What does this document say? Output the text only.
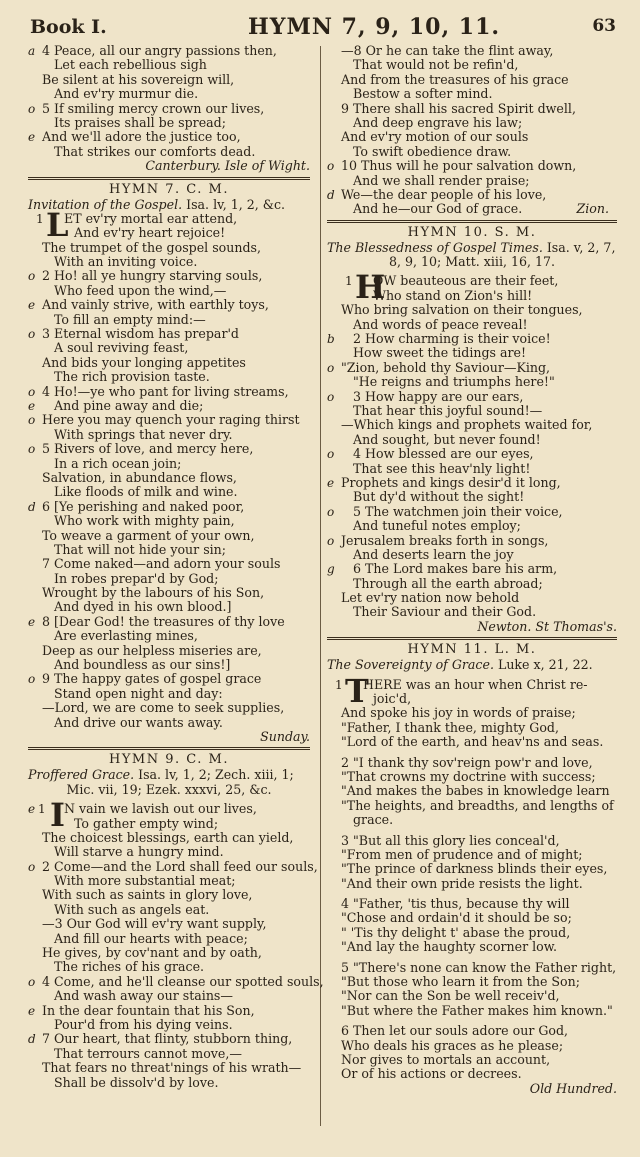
Book I.	HYMN 7, 9, 10, 11.	63
a 4 Peace, all our angry passions then,
Let each rebellious sigh
Be silent at his sovereign will,
And ev'ry murmur die.
o 5 If smiling mercy crown our lives,
Its praises shall be spread;
e And we'll adore the justice too,
That strikes our comforts dead.
Canterbury. Isle of Wight.
HYMN 7. C. M.
Invitation of the Gospel. Isa. lv, 1, 2, &c.
1 L
ET ev'ry mortal ear attend,
And ev'ry heart rejoice!
The trumpet of the gospel sounds,
With an inviting voice.
o 2 Ho! all ye hungry starving souls,
Who feed upon the wind,—
e And vainly strive, with earthly toys,
To fill an empty mind:—
o 3 Eternal wisdom has prepar'd
A soul reviving feast,
And bids your longing appetites
The rich provision taste.
o 4 Ho!—ye who pant for living streams,
e	And pine away and die;
o Here you may quench your raging thirst
With springs that never dry.
o 5 Rivers of love, and mercy here,
In a rich ocean join;
Salvation, in abundance flows,
Like floods of milk and wine.
d 6 [Ye perishing and naked poor,
Who work with mighty pain,
To weave a garment of your own,
That will not hide your sin;
7 Come naked—and adorn your souls
In robes prepar'd by God;
Wrought by the labours of his Son,
And dyed in his own blood.]
e 8 [Dear God! the treasures of thy love
Are everlasting mines,
Deep as our helpless miseries are,
And boundless as our sins!]
o 9 The happy gates of gospel grace
Stand open night and day:
—Lord, we are come to seek supplies,
And drive our wants away.
Sunday.
HYMN 9. C. M.
Proffered Grace. Isa. lv, 1, 2; Zech. xiii, 1;
Mic. vii, 19; Ezek. xxxvi, 25, &c.
e 1 I N vain we lavish out our lives,
To gather empty wind;
The choicest blessings, earth can yield,
Will starve a hungry mind.
o 2 Come—and the Lord shall feed our souls,
With more substantial meat;
With such as saints in glory love,
With such as angels eat.
—3 Our God will ev'ry want supply,
And fill our hearts with peace;
He gives, by cov'nant and by oath,
The riches of his grace.
o 4 Come, and he'll cleanse our spotted souls,
And wash away our stains—
e In the dear fountain that his Son,
Pour'd from his dying veins.
d 7 Our heart, that flinty, stubborn thing,
That terrours cannot move,—
That fears no threat'nings of his wrath—
Shall be dissolv'd by love.
—8 Or he can take the flint away,
That would not be refin'd,
And from the treasures of his grace
Bestow a softer mind.
9 There shall his sacred Spirit dwell,
And deep engrave his law;
And ev'ry motion of our souls
To swift obedience draw.
o 10 Thus will he pour salvation down,
And we shall render praise;
d We—the dear people of his love,
And he—our God of grace.	Zion.
HYMN 10. S. M.
The Blessedness of Gospel Times. Isa. v, 2, 7,
8, 9, 10; Matt. xiii, 16, 17.
1 H
OW beauteous are their feet,
Who stand on Zion's hill!
Who bring salvation on their tongues,
And words of peace reveal!
b	2 How charming is their voice!
How sweet the tidings are!
o "Zion, behold thy Saviour—King,
"He reigns and triumphs here!"
o	3 How happy are our ears,
That hear this joyful sound!—
—Which kings and prophets waited for,
And sought, but never found!
o	4 How blessed are our eyes,
That see this heav'nly light!
e Prophets and kings desir'd it long,
But dy'd without the sight!
o	5 The watchmen join their voice,
And tuneful notes employ;
o Jerusalem breaks forth in songs,
And deserts learn the joy
g	6 The Lord makes bare his arm,
Through all the earth abroad;
Let ev'ry nation now behold
Their Saviour and their God.
Newton. St Thomas's.
HYMN 11. L. M.
The Sovereignty of Grace. Luke x, 21, 22.
1 T
HERE was an hour when Christ re-
joic'd,
And spoke his joy in words of praise;
"Father, I thank thee, mighty God,
"Lord of the earth, and heav'ns and seas.
2 "I thank thy sov'reign pow'r and love,
"That crowns my doctrine with success;
"And makes the babes in knowledge learn
"The heights, and breadths, and lengths of
grace.
3 "But all this glory lies conceal'd,
"From men of prudence and of might;
"The prince of darkness blinds their eyes,
"And their own pride resists the light.
4 "Father, 'tis thus, because thy will
"Chose and ordain'd it should be so;
" 'Tis thy delight t' abase the proud,
"And lay the haughty scorner low.
5 "There's none can know the Father right,
"But those who learn it from the Son;
"Nor can the Son be well receiv'd,
"But where the Father makes him known."
6 Then let our souls adore our God,
Who deals his graces as he please;
Nor gives to mortals an account,
Or of his actions or decrees.
Old Hundred.
